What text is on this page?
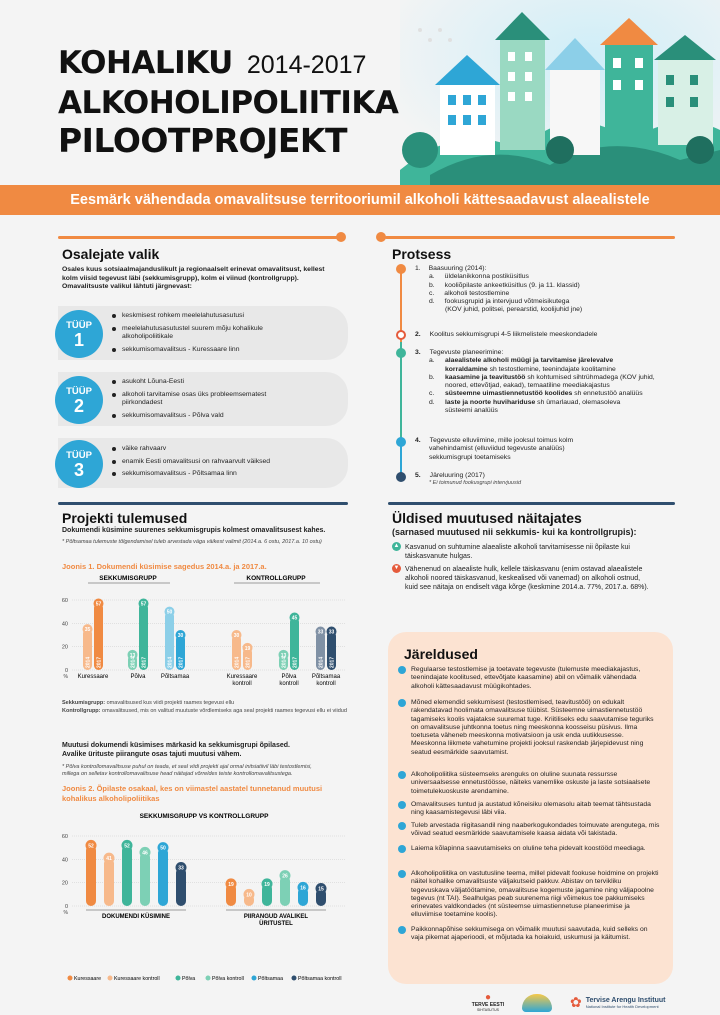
KOHALIKU 2014-2017
ALKOHOLIPOLIITIKA
PILOOTPROJEKT
Eesmärk vähendada omavalitsuse territooriumil alkoholi kättesaadavust alaealistele
Osalejate valik
Osales kuus sotsiaalmajanduslikult ja regionaalselt erinevat omavalitsust, kellest kolm viisid tegevust läbi (sekkumisgrupp), kolm ei viinud (kontrollgrupp). Omavalitsuste valikul lähtuti järgnevast:
TÜÜP
1
keskmisest rohkem meelelahutusasutusi
meelelahutusasutustel suurem mõju kohalikule alkoholipoliitikale
sekkumisomavalitsus - Kuressaare linn
TÜÜP
2
asukoht Lõuna-Eesti
alkoholi tarvitamise osas üks probleemsematest piirkondadest
sekkumisomavalitsus - Põlva vald
TÜÜP
3
väike rahvaarv
enamik Eesti omavalitsusi on rahvaarvult väiksed
sekkumisomavalitsus - Põltsamaa linn
Protsess
1. Baasuuring (2014):
a. üldelanikkonna postiküsitlus
b. kooliõpilaste ankeetküsitlus (9. ja 11. klassid)
c. alkoholi testostlemine
d. fookusgrupid ja intervjuud võtmeisikutega
(KOV juhid, politsei, perearstid, koolijuhid jne)
2. Koolitus sekkumisgrupi 4-5 liikmelistele meeskondadele
3. Tegevuste planeerimine:
a.	alaealistele alkoholi müügi ja tarvitamise järelevalve korraldamine sh testostlemine, teenindajate koolitamine
b.	kaasamine ja teavitustöö sh kohtumised sihtrühmadega (KOV juhid, noored, ettevõtjad, eakad), temaatiline meediakajastus
c.	süsteemne uimastiennetustöö koolides sh ennetustöö analüüs
d.	laste ja noorte huvihariduse sh ümarlauad, olemasoleva süsteemi analüüs
4. Tegevuste elluviimine, mille jooksul toimus kolm
vahehindamist (elluviidud tegevuste analüüs)
sekkumisgrupi toetamiseks
5. Järeluuring (2017)
* Ei toimunud fookusgrupi intervjuusid
Projekti tulemused
Dokumendi küsimine suurenes sekkumisgrupis kolmest omavalitsusest kahes.
* Põltsamaa tulemuste tõlgendamisel tuleb arvestada väga väikest valimit (2014.a. 6 ostu, 2017.a. 10 ostu)
Joonis 1. Dokumendi küsimise sagedus 2014.a. ja 2017.a.
0
20
40
60
%
SEKKUMISGRUPP	KONTROLLGRUPP
35
2014
57
2017
Kuressaare
13
2014
57
2017
Põlva
50
2014
30
2017
Põltsamaa
30
2014
19
2017
Kuressaare
kontroll
13
2014
45
2017
Põlva
kontroll
33
2014
33
2017
Põltsamaa
kontroll
Sekkumisgrupp: omavalitsused kus viidi projekti raames tegevusi ellu
Kontrollgrupp: omavalitsused, mis on valitud muutuste võrdlemiseks aga seal projekti raames tegevusi ellu ei viidud
Muutusi dokumendi küsimises märkasid ka sekkumisgrupi õpilased.
Avalike ürituste piirangute osas tajuti muutusi vähem.
* Põlva kontrollomavalitsuse puhul on teada, et seal viidi projekti ajal ormal initsiatiivil läbi testostlemisi,
millega on selletav kontrollomavalitsuse head näitajad võrreldes teiste kontrollomavalitsustega.
Joonis 2. Õpilaste osakaal, kes on viimastel aastatel tunnetanud muutusi
kohalikus alkoholipoliitikas
SEKKUMISGRUPP VS KONTROLLGRUPP
0
20
40
60
%
52
41
52
46
50
33
DOKUMENDI KÜSIMINE
19
10
19
26
16 15
PIIRANGUD AVALIKEL
ÜRITUSTEL
Kuressaare Kuressaare kontroll	Põlva	Põlva kontroll	Põltsamaa	Põltsamaa kontroll
Üldised muutused näitajates
(sarnased muutused nii sekkumis- kui ka kontrollgrupis):
▲ Kasvanud on suhtumine alaealiste alkoholi tarvitamisesse nii õpilaste kui
täiskasvanute hulgas.
▼ Vähenenud on alaealiste hulk, kellele täiskasvanu (enim ostavad alaealistele
alkoholi noored täiskasvanud, keskealised või vanemad) on alkoholi ostnud,
kuid see näitaja on endiselt väga kõrge (keskmine 2014.a. 77%, 2017.a. 68%).
Järeldused
Regulaarse testostlemise ja toetavate tegevuste (tulemuste meediakajastus, teenindajate koolitused, ettevõtjate kaasamine) abil on võimalik vähendada alkoholi kättesaadavust müügikohtades.
Mõned elemendid sekkumisest (testostlemised, teavitustöö) on edukalt rakendatavad hoolimata omavalitsuse tüübist. Süsteemne uimastiennetustöö tagamiseks koolis vajatakse suuremat tuge. Kriitiliseks edu saavutamise teguriks on omavalitsuse juhtkonna toetus ning meeskonna koosseisu püsivus. Ilma toetuseta väheneb meeskonna motivatsioon ja usk enda uutikkusesse. Meeskonna liikmete vahetumine projekti jooksul raskendab järjepidevust ning seatud eesmärkide saavutamist.
Alkoholipoliitika süsteemseks arenguks on oluline suunata ressursse universaalsesse ennetustöösse, näiteks vanemlike oskuste ja laste sotsiaalsete toimetulekuoskuste arendamine.
Omavalitsuses tuntud ja austatud kõneisiku olemasolu aitab teemat tähtsustada ning kaasamistegevusi läbi viia.
Tuleb arvestada riigitasandil ning naaberkogukondades toimuvate arengutega, mis võivad seatud eesmärkide saavutamisele kaasa aidata või takistada.
Laiema kõlapinna saavutamiseks on oluline teha pidevalt koostööd meediaga.
Alkoholipoliitika on vastutusline teema, millel pidevalt fookuse hoidmine on projekti näitel kohalike omavalitsuste väljakutseid pakkuv. Abistav on tervikliku tegevuskava väljatöötamine, omavalitsuse kogemuste jagamine ning väljapoolne tegevus (nt TAI). Sealhulgas peab suurenema riigi võimekus toe pakkumiseks erinevates valdkondades (nt süsteemse uimastiennetuse planeerimise ja elluviimise toetamine koolis).
Paikkonnapõhise sekkumisega on võimalik muutusi saavutada, kuid selleks on vaja pikemat ajaperioodi, et mõjutada ka hoiakuid, uskumusi ja käitumist.
●
TERVE EESTI
SIHTASUTUS	✿ Tervise Arengu Instituut
National Institute for Health Development
